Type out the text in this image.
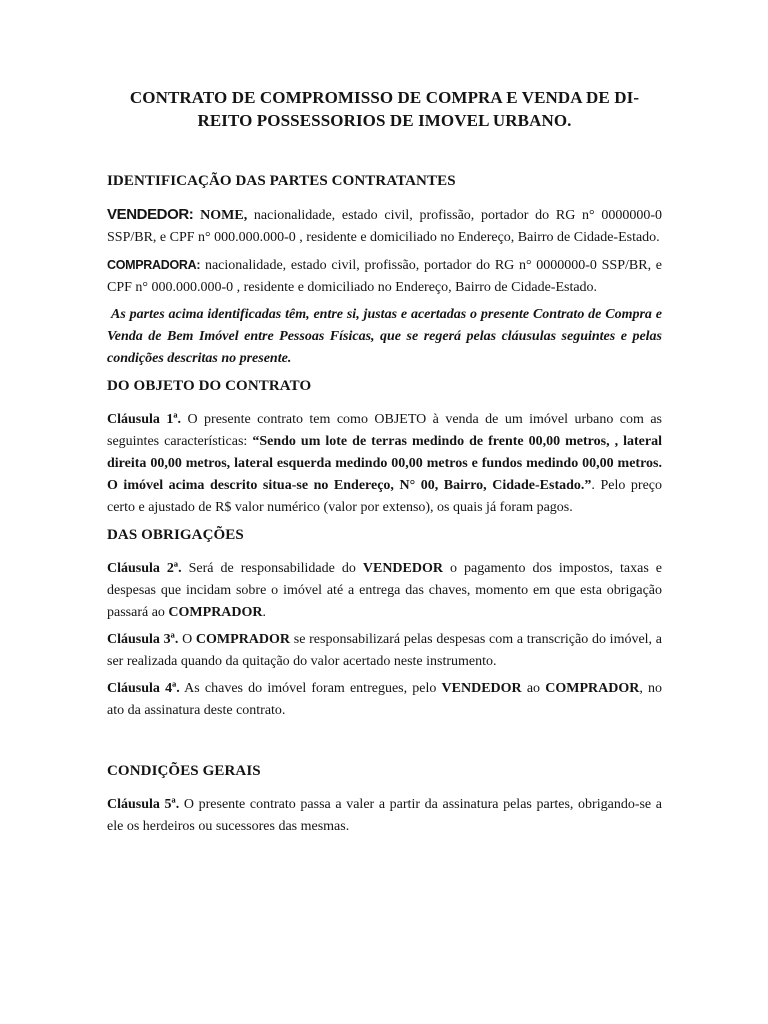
CONTRATO DE COMPROMISSO DE COMPRA E VENDA DE DI-
REITO POSSESSORIOS DE IMOVEL URBANO.
IDENTIFICAÇÃO DAS PARTES CONTRATANTES

VENDEDOR: NOME, nacionalidade, estado civil, profissão, portador do RG n° 0000000-0 SSP/BR, e CPF n° 000.000.000-0 , residente e domiciliado no Endereço, Bairro de Cidade-Estado.

COMPRADORA: nacionalidade, estado civil, profissão, portador do RG n° 0000000-0 SSP/BR, e CPF n° 000.000.000-0 , residente e domiciliado no Endereço, Bairro de Cidade-Estado.

As partes acima identificadas têm, entre si, justas e acertadas o presente Contrato de Compra e Venda de Bem Imóvel entre Pessoas Físicas, que se regerá pelas cláusulas seguintes e pelas condições descritas no presente.

DO OBJETO DO CONTRATO

Cláusula 1ª. O presente contrato tem como OBJETO à venda de um imóvel urbano com as seguintes características: “Sendo um lote de terras medindo de frente 00,00 metros, , lateral direita 00,00 metros, lateral esquerda medindo 00,00 metros e fundos medindo 00,00 metros. O imóvel acima descrito situa-se no Endereço, N° 00, Bairro, Cidade-Estado.”. Pelo preço certo e ajustado de R$ valor numérico (valor por extenso), os quais já foram pagos.

DAS OBRIGAÇÕES

Cláusula 2ª. Será de responsabilidade do VENDEDOR o pagamento dos impostos, taxas e despesas que incidam sobre o imóvel até a entrega das chaves, momento em que esta obrigação passará ao COMPRADOR.

Cláusula 3ª. O COMPRADOR se responsabilizará pelas despesas com a transcrição do imóvel, a ser realizada quando da quitação do valor acertado neste instrumento.

Cláusula 4ª. As chaves do imóvel foram entregues, pelo VENDEDOR ao COMPRADOR, no ato da assinatura deste contrato.

CONDIÇÕES GERAIS

Cláusula 5ª. O presente contrato passa a valer a partir da assinatura pelas partes, obrigando-se a ele os herdeiros ou sucessores das mesmas.
